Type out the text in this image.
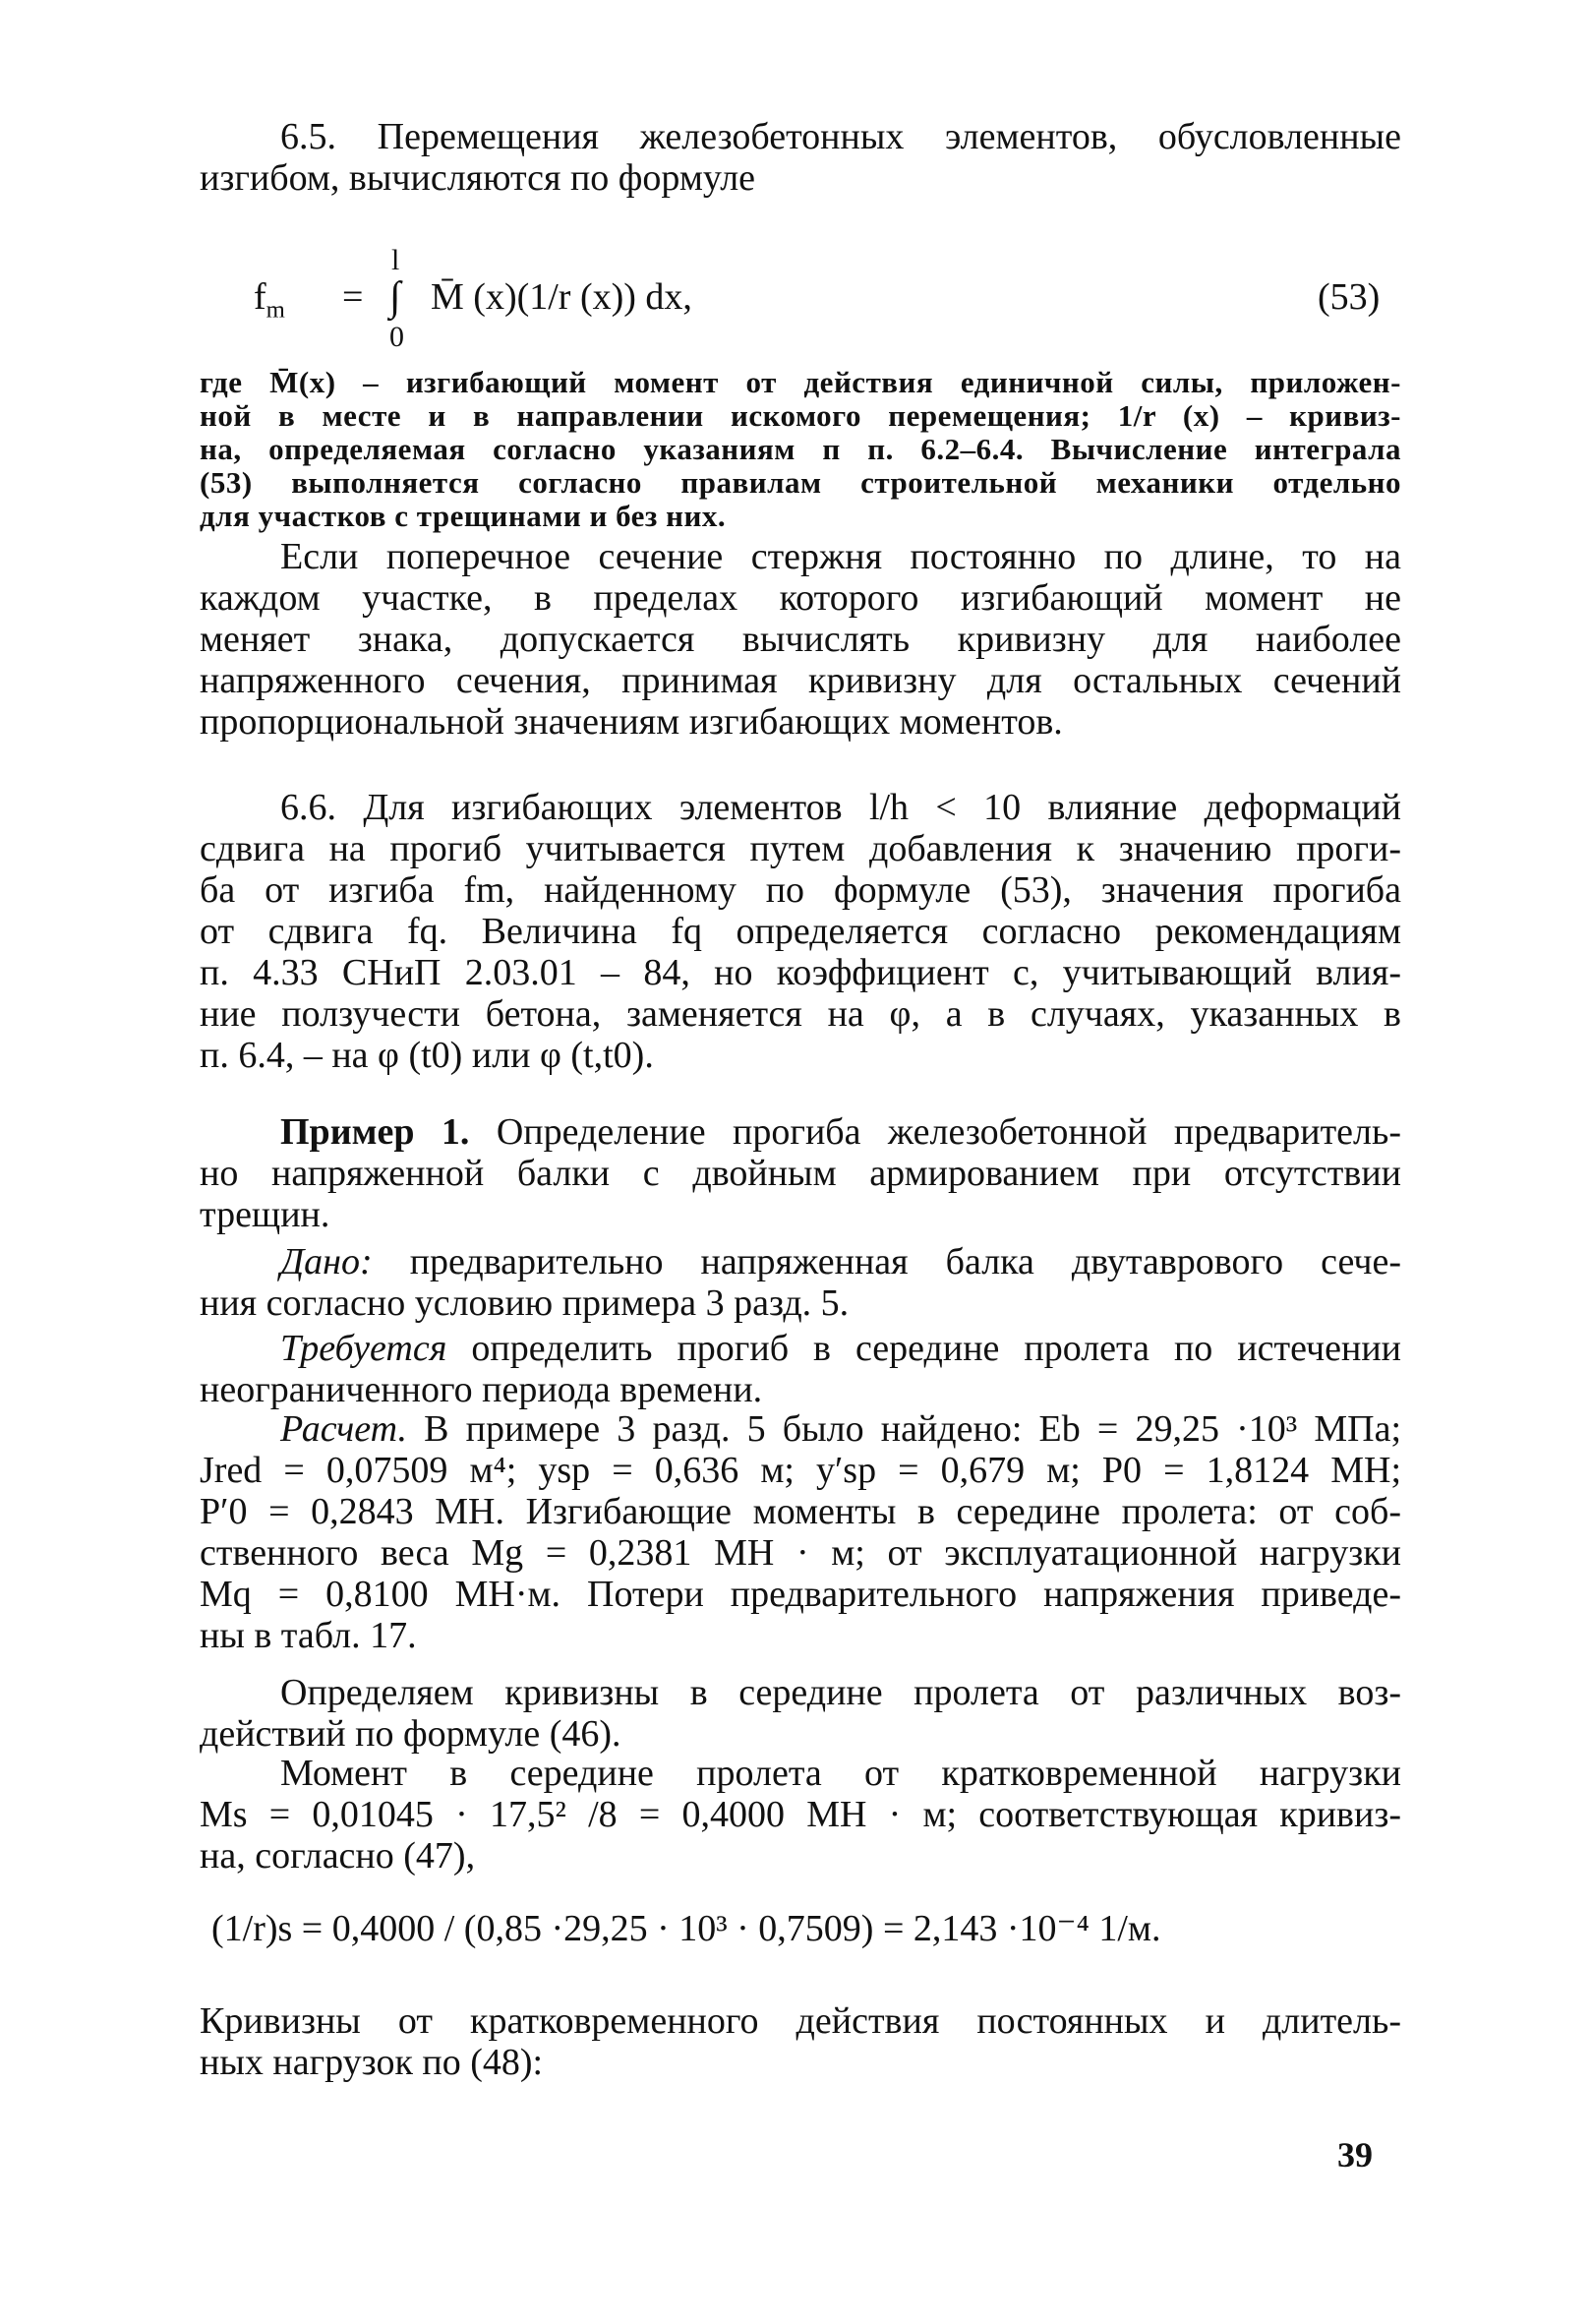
6.5. Перемещения железобетонных элементов, обусловленные
изгибом, вычисляются по формуле
l
$f_m$ = ∫
0
M̄ (x)(1/r (x)) dx,	(53)
где M̄(x) – изгибающий момент от действия единичной силы, приложен-
ной в месте и в направлении искомого перемещения; 1/r (x) – кривиз-
на, определяемая согласно указаниям п п. 6.2–6.4. Вычисление интеграла
(53) выполняется согласно правилам строительной механики отдельно
для участков с трещинами и без них.
Если поперечное сечение стержня постоянно по длине, то на
каждом участке, в пределах которого изгибающий момент не
меняет знака, допускается вычислять кривизну для наиболее
напряженного сечения, принимая кривизну для остальных сечений
пропорциональной значениям изгибающих моментов.
6.6. Для изгибающих элементов l/h < 10 влияние деформаций
сдвига на прогиб учитывается путем добавления к значению проги-
ба от изгиба fm, найденному по формуле (53), значения прогиба
от сдвига fq. Величина fq определяется согласно рекомендациям
п. 4.33 СНиП 2.03.01 – 84, но коэффициент с, учитывающий влия-
ние ползучести бетона, заменяется на φ, а в случаях, указанных в
п. 6.4, – на φ (t0) или φ (t,t0).
Пример 1. Определение прогиба железобетонной предваритель-
но напряженной балки с двойным армированием при отсутствии
трещин.
Дано: предварительно напряженная балка двутаврового сече-
ния согласно условию примера 3 разд. 5.
Требуется определить прогиб в середине пролета по истечении
неограниченного периода времени.
Расчет. В примере 3 разд. 5 было найдено: Eb = 29,25 ·10³ МПа;
Jred = 0,07509 м⁴; ysp = 0,636 м; y′sp = 0,679 м; P0 = 1,8124 МН;
P′0 = 0,2843 МН. Изгибающие моменты в середине пролета: от соб-
ственного веса Mg = 0,2381 МН · м; от эксплуатационной нагрузки
Mq = 0,8100 МН·м. Потери предварительного напряжения приведе-
ны в табл. 17.
Определяем кривизны в середине пролета от различных воз-
действий по формуле (46).
Момент в середине пролета от кратковременной нагрузки
Ms = 0,01045 · 17,5² /8 = 0,4000 МН · м; соответствующая кривиз-
на, согласно (47),
(1/r)s = 0,4000 / (0,85 ·29,25 · 10³ · 0,7509) = 2,143 ·10⁻⁴ 1/м.
Кривизны от кратковременного действия постоянных и длитель-
ных нагрузок по (48):
39
